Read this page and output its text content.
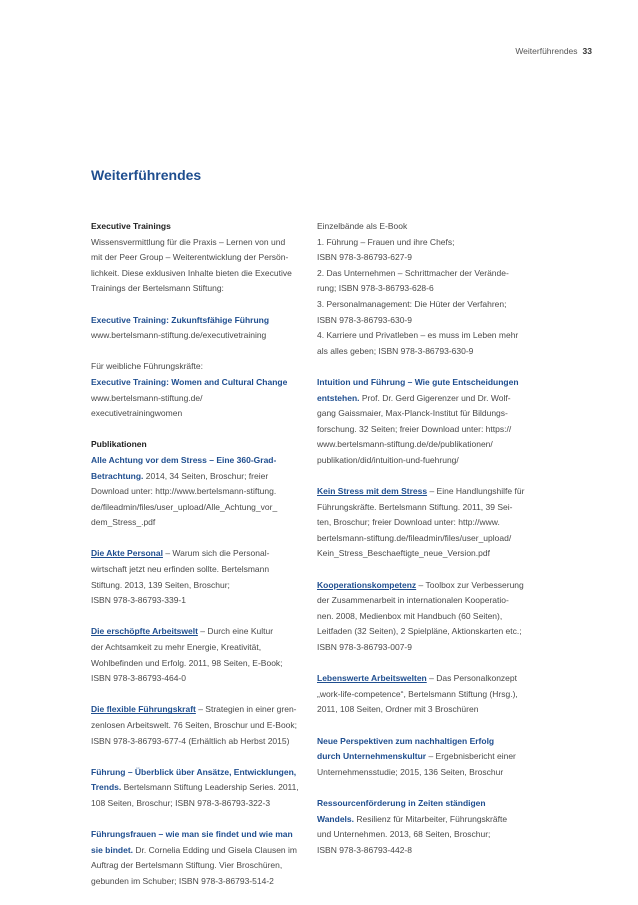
Weiterführendes 33
Weiterführendes
Executive Trainings
Wissensvermittlung für die Praxis – Lernen von und
mit der Peer Group – Weiterentwicklung der Persön-
lichkeit. Diese exklusiven Inhalte bieten die Executive
Trainings der Bertelsmann Stiftung:
Executive Training: Zukunftsfähige Führung
www.bertelsmann-stiftung.de/executivetraining
Für weibliche Führungskräfte:
Executive Training: Women and Cultural Change
www.bertelsmann-stiftung.de/
executivetrainingwomen
Publikationen
Alle Achtung vor dem Stress – Eine 360-Grad-
Betrachtung. 2014, 34 Seiten, Broschur; freier
Download unter: http://www.bertelsmann-stiftung.
de/fileadmin/files/user_upload/Alle_Achtung_vor_
dem_Stress_.pdf
Die Akte Personal – Warum sich die Personal-
wirtschaft jetzt neu erfinden sollte. Bertelsmann
Stiftung. 2013, 139 Seiten, Broschur;
ISBN 978-3-86793-339-1
Die erschöpfte Arbeitswelt – Durch eine Kultur
der Achtsamkeit zu mehr Energie, Kreativität,
Wohlbefinden und Erfolg. 2011, 98 Seiten, E-Book;
ISBN 978-3-86793-464-0
Die flexible Führungskraft – Strategien in einer gren-
zenlosen Arbeitswelt. 76 Seiten, Broschur und E-Book;
ISBN 978-3-86793-677-4 (Erhältlich ab Herbst 2015)
Führung – Überblick über Ansätze, Entwicklungen,
Trends. Bertelsmann Stiftung Leadership Series. 2011,
108 Seiten, Broschur; ISBN 978-3-86793-322-3
Führungsfrauen – wie man sie findet und wie man
sie bindet. Dr. Cornelia Edding und Gisela Clausen im
Auftrag der Bertelsmann Stiftung. Vier Broschüren,
gebunden im Schuber; ISBN 978-3-86793-514-2
Einzelbände als E-Book
1. Führung – Frauen und ihre Chefs;
ISBN 978-3-86793-627-9
2. Das Unternehmen – Schrittmacher der Verände-
rung; ISBN 978-3-86793-628-6
3. Personalmanagement: Die Hüter der Verfahren;
ISBN 978-3-86793-630-9
4. Karriere und Privatleben – es muss im Leben mehr
als alles geben; ISBN 978-3-86793-630-9
Intuition und Führung – Wie gute Entscheidungen
entstehen. Prof. Dr. Gerd Gigerenzer und Dr. Wolf-
gang Gaissmaier, Max-Planck-Institut für Bildungs-
forschung. 32 Seiten; freier Download unter: https://
www.bertelsmann-stiftung.de/de/publikationen/
publikation/did/intuition-und-fuehrung/
Kein Stress mit dem Stress – Eine Handlungshilfe für
Führungskräfte. Bertelsmann Stiftung. 2011, 39 Sei-
ten, Broschur; freier Download unter: http://www.
bertelsmann-stiftung.de/fileadmin/files/user_upload/
Kein_Stress_Beschaeftigte_neue_Version.pdf
Kooperationskompetenz – Toolbox zur Verbesserung
der Zusammenarbeit in internationalen Kooperatio-
nen. 2008, Medienbox mit Handbuch (60 Seiten),
Leitfaden (32 Seiten), 2 Spielpläne, Aktionskarten etc.;
ISBN 978-3-86793-007-9
Lebenswerte Arbeitswelten – Das Personalkonzept
„work-life-competence“, Bertelsmann Stiftung (Hrsg.),
2011, 108 Seiten, Ordner mit 3 Broschüren
Neue Perspektiven zum nachhaltigen Erfolg
durch Unternehmenskultur – Ergebnisbericht einer
Unternehmensstudie; 2015, 136 Seiten, Broschur
Ressourcenförderung in Zeiten ständigen
Wandels. Resilienz für Mitarbeiter, Führungskräfte
und Unternehmen. 2013, 68 Seiten, Broschur;
ISBN 978-3-86793-442-8
